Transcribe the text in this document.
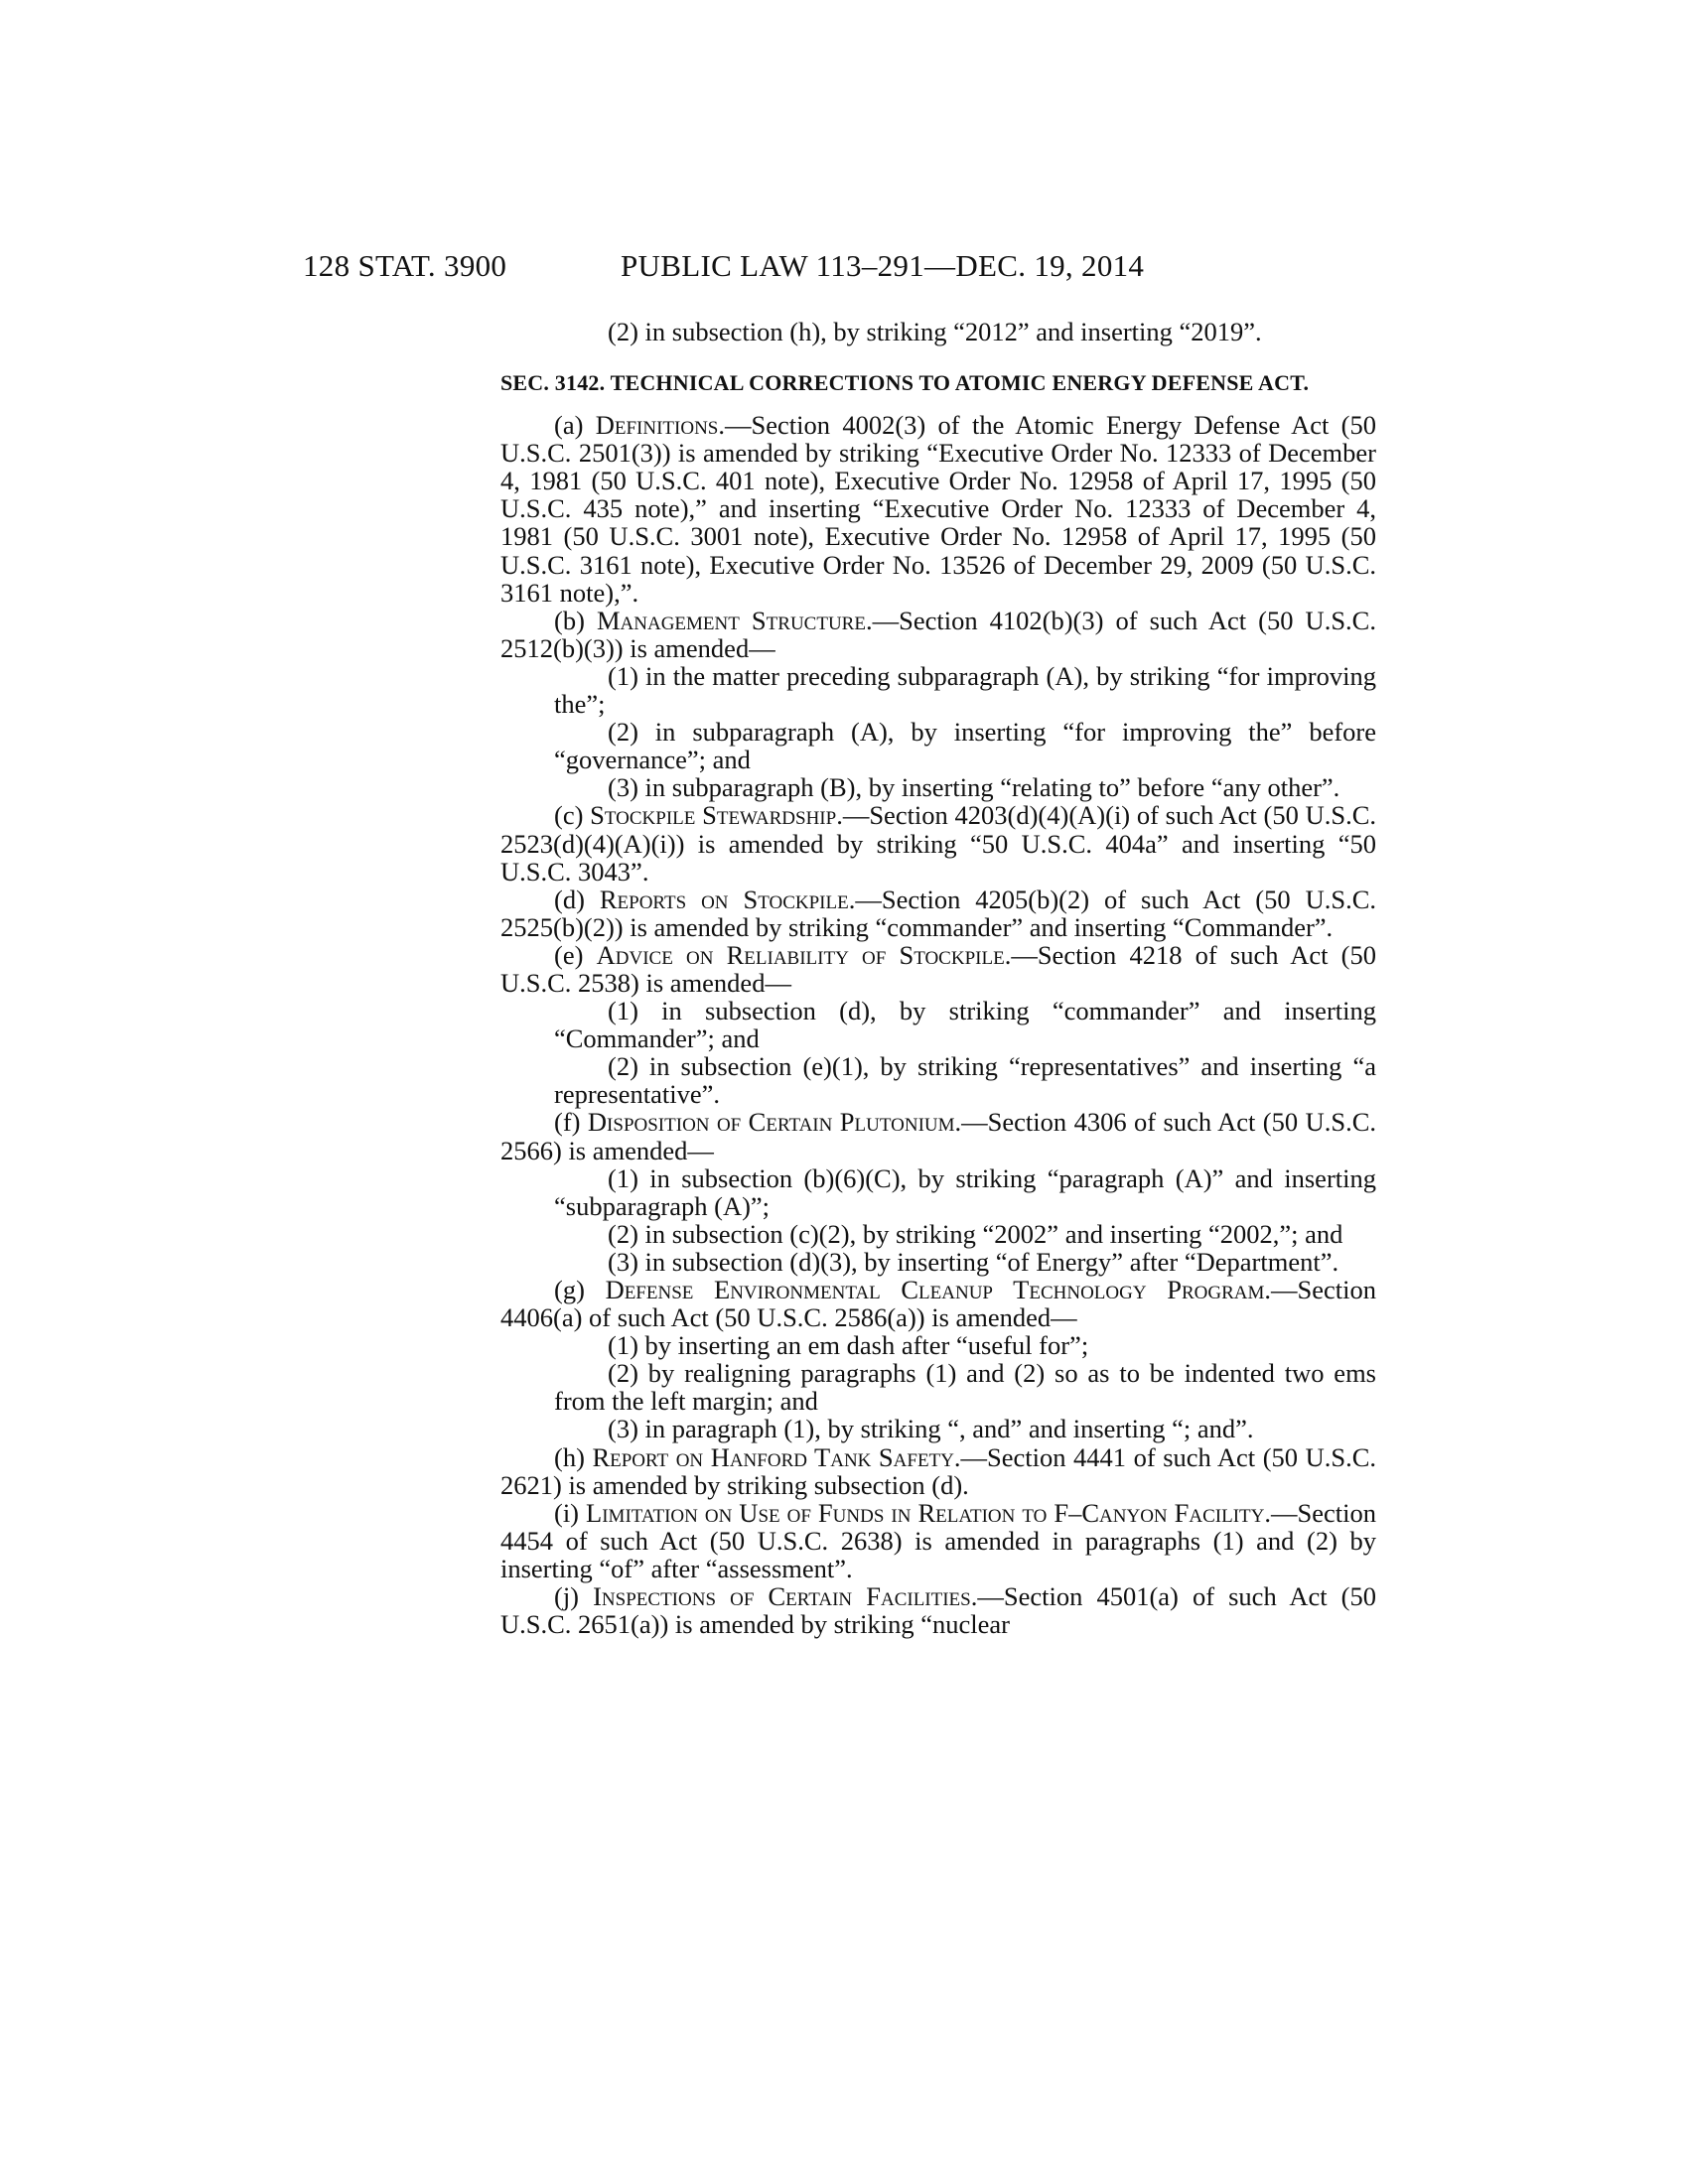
128 STAT. 3900	PUBLIC LAW 113–291—DEC. 19, 2014

(2) in subsection (h), by striking “2012” and inserting “2019”.

SEC. 3142. TECHNICAL CORRECTIONS TO ATOMIC ENERGY DEFENSE ACT.

(a) Definitions.—Section 4002(3) of the Atomic Energy Defense Act (50 U.S.C. 2501(3)) is amended by striking “Executive Order No. 12333 of December 4, 1981 (50 U.S.C. 401 note), Executive Order No. 12958 of April 17, 1995 (50 U.S.C. 435 note),” and inserting “Executive Order No. 12333 of December 4, 1981 (50 U.S.C. 3001 note), Executive Order No. 12958 of April 17, 1995 (50 U.S.C. 3161 note), Executive Order No. 13526 of December 29, 2009 (50 U.S.C. 3161 note),”.

(b) Management Structure.—Section 4102(b)(3) of such Act (50 U.S.C. 2512(b)(3)) is amended—

(1) in the matter preceding subparagraph (A), by striking “for improving the”;

(2) in subparagraph (A), by inserting “for improving the” before “governance”; and

(3) in subparagraph (B), by inserting “relating to” before “any other”.

(c) Stockpile Stewardship.—Section 4203(d)(4)(A)(i) of such Act (50 U.S.C. 2523(d)(4)(A)(i)) is amended by striking “50 U.S.C. 404a” and inserting “50 U.S.C. 3043”.

(d) Reports on Stockpile.—Section 4205(b)(2) of such Act (50 U.S.C. 2525(b)(2)) is amended by striking “commander” and inserting “Commander”.

(e) Advice on Reliability of Stockpile.—Section 4218 of such Act (50 U.S.C. 2538) is amended—

(1) in subsection (d), by striking “commander” and inserting “Commander”; and

(2) in subsection (e)(1), by striking “representatives” and inserting “a representative”.

(f) Disposition of Certain Plutonium.—Section 4306 of such Act (50 U.S.C. 2566) is amended—

(1) in subsection (b)(6)(C), by striking “paragraph (A)” and inserting “subparagraph (A)”;

(2) in subsection (c)(2), by striking “2002” and inserting “2002,”; and

(3) in subsection (d)(3), by inserting “of Energy” after “Department”.

(g) Defense Environmental Cleanup Technology Program.—Section 4406(a) of such Act (50 U.S.C. 2586(a)) is amended—

(1) by inserting an em dash after “useful for”;

(2) by realigning paragraphs (1) and (2) so as to be indented two ems from the left margin; and

(3) in paragraph (1), by striking “, and” and inserting “; and”.

(h) Report on Hanford Tank Safety.—Section 4441 of such Act (50 U.S.C. 2621) is amended by striking subsection (d).

(i) Limitation on Use of Funds in Relation to F–Canyon Facility.—Section 4454 of such Act (50 U.S.C. 2638) is amended in paragraphs (1) and (2) by inserting “of” after “assessment”.

(j) Inspections of Certain Facilities.—Section 4501(a) of such Act (50 U.S.C. 2651(a)) is amended by striking “nuclear
